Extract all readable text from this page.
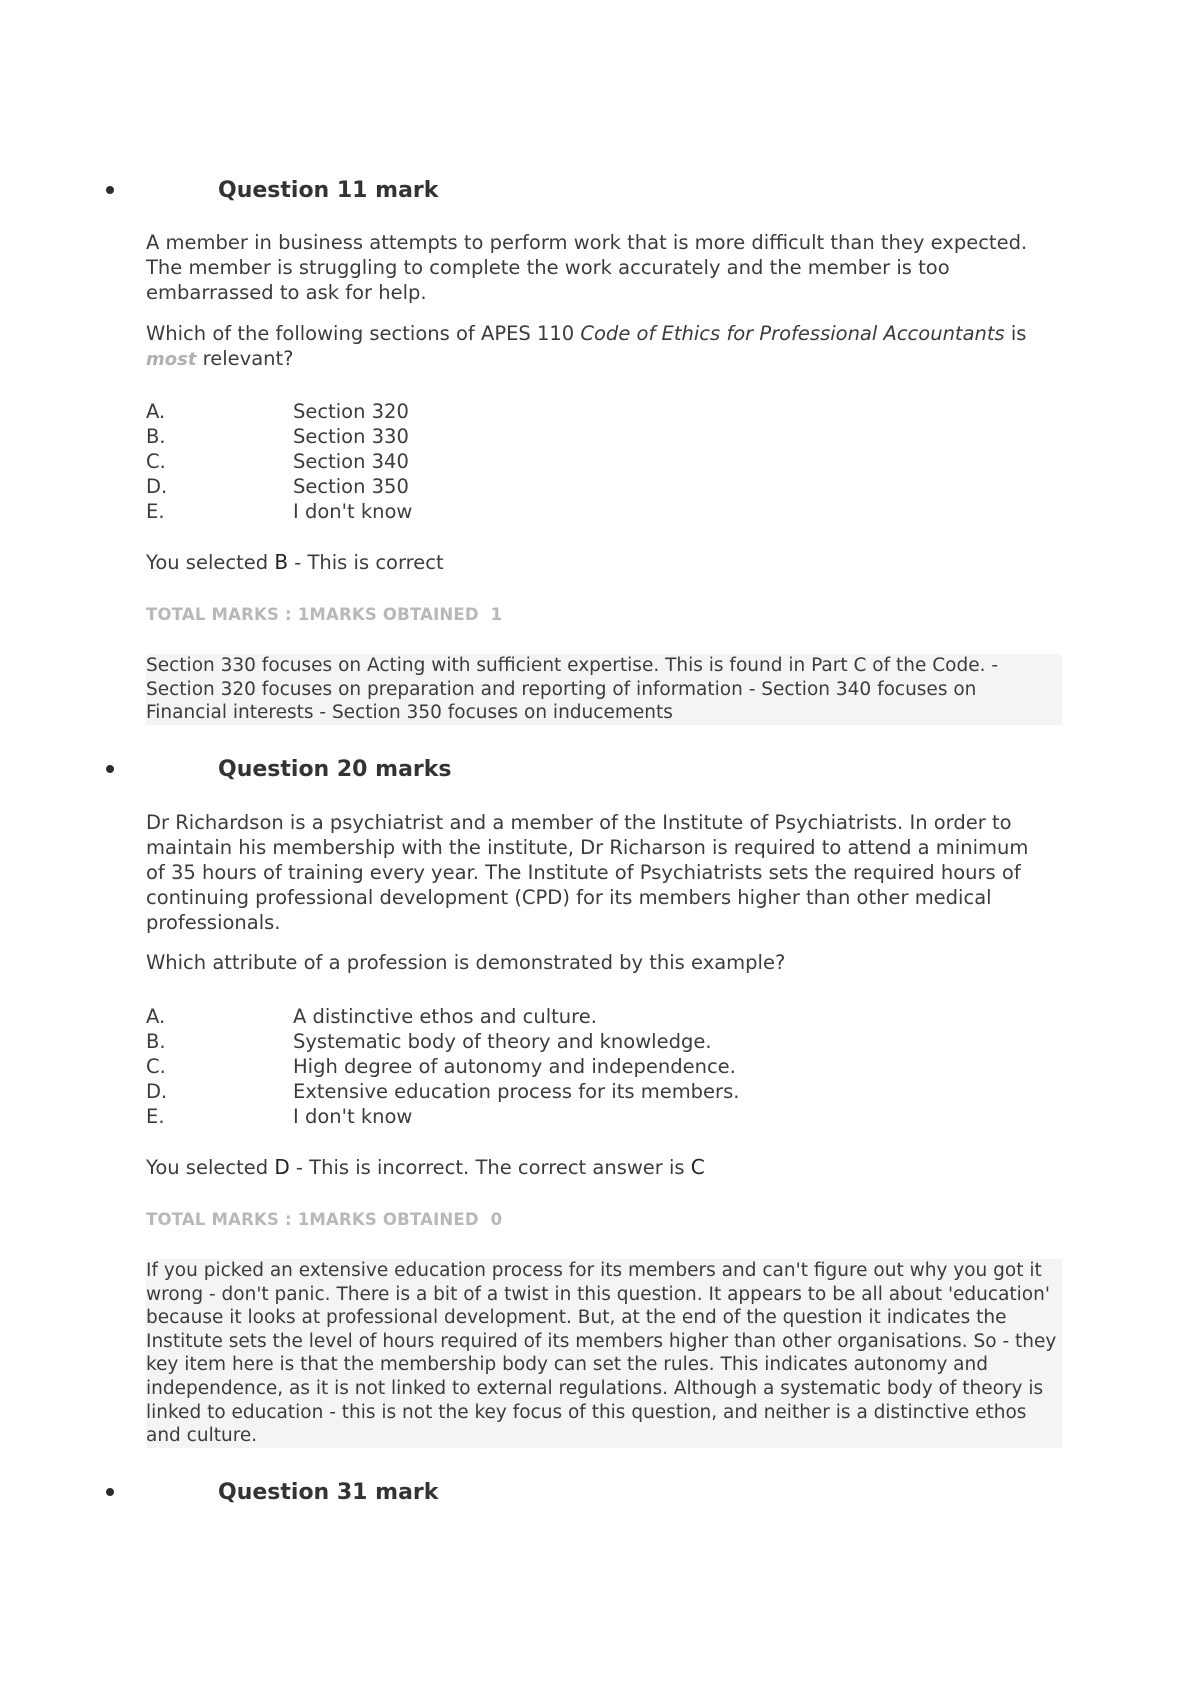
Question 11 mark

A member in business attempts to perform work that is more difficult than they expected. The member is struggling to complete the work accurately and the member is too embarrassed to ask for help.

Which of the following sections of APES 110 Code of Ethics for Professional Accountants is most relevant?

A.	Section 320
B.	Section 330
C.	Section 340
D.	Section 350
E.	I don't know
You selected B - This is correct
TOTAL MARKS : 1MARKS OBTAINED  1
Section 330 focuses on Acting with sufficient expertise. This is found in Part C of the Code. - Section 320 focuses on preparation and reporting of information - Section 340 focuses on Financial interests - Section 350 focuses on inducements
Question 20 marks

Dr Richardson is a psychiatrist and a member of the Institute of Psychiatrists. In order to maintain his membership with the institute, Dr Richarson is required to attend a minimum of 35 hours of training every year. The Institute of Psychiatrists sets the required hours of continuing professional development (CPD) for its members higher than other medical professionals.

Which attribute of a profession is demonstrated by this example?

A.	A distinctive ethos and culture.
B.	Systematic body of theory and knowledge.
C.	High degree of autonomy and independence.
D.	Extensive education process for its members.
E.	I don't know
You selected D - This is incorrect. The correct answer is C
TOTAL MARKS : 1MARKS OBTAINED  0
If you picked an extensive education process for its members and can't figure out why you got it wrong - don't panic. There is a bit of a twist in this question. It appears to be all about 'education' because it looks at professional development. But, at the end of the question it indicates the Institute sets the level of hours required of its members higher than other organisations. So - they key item here is that the membership body can set the rules. This indicates autonomy and independence, as it is not linked to external regulations. Although a systematic body of theory is linked to education - this is not the key focus of this question, and neither is a distinctive ethos and culture.
Question 31 mark
